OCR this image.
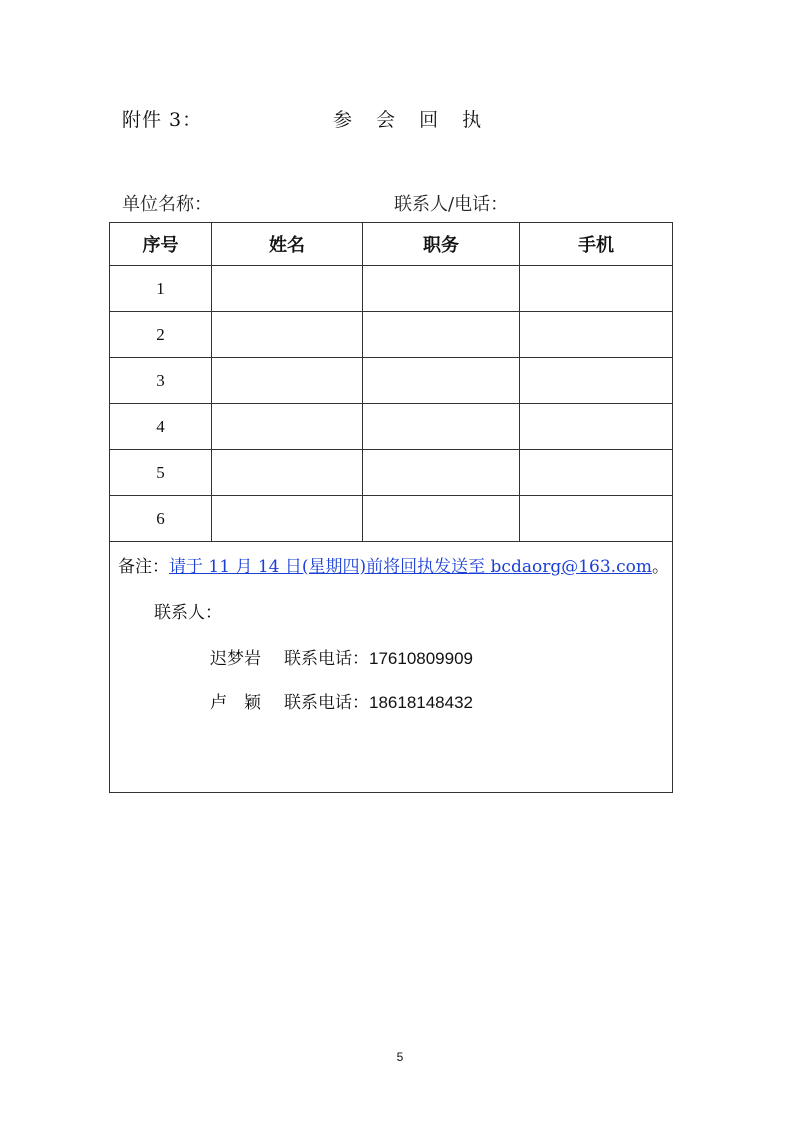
附件 3：	参 会 回 执
单位名称：	联系人/电话：
序号	姓名	职务	手机
1			
2			
3			
4			
5			
6			

备注：请于 11 月 14 日(星期四)前将回执发送至 bcdaorg@163.com。
联系人：
迟梦岩 联系电话：17610809909
卢　颖 联系电话：18618148432			
5
